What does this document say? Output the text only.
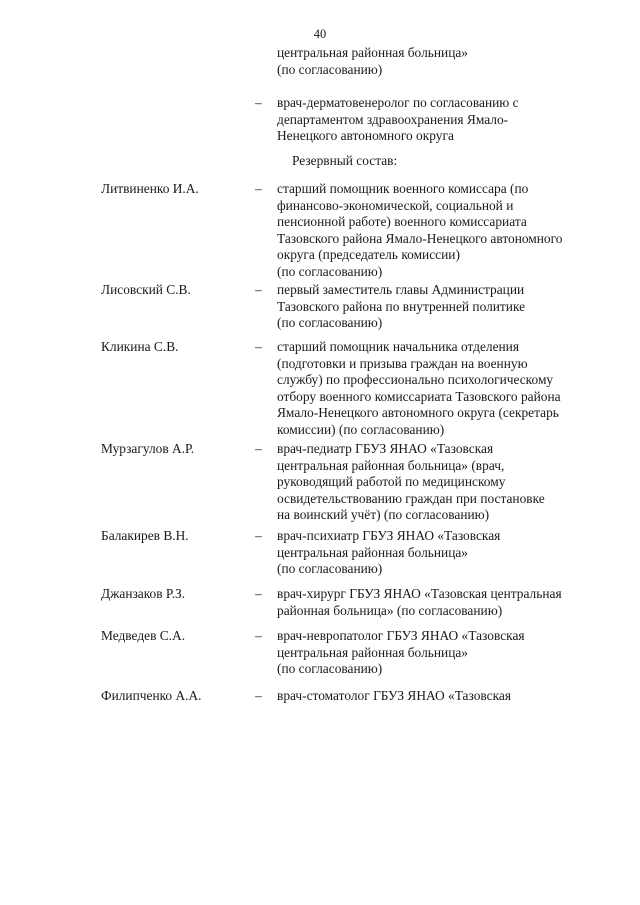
40
центральная районная больница»
(по согласованию)
– врач-дерматовенеролог по согласованию с
департаментом здравоохранения Ямало-
Ненецкого автономного округа
Резервный состав:
Литвиненко И.А.	– старший помощник военного комиссара (по
финансово-экономической, социальной и
пенсионной работе) военного комиссариата
Тазовского района Ямало-Ненецкого автономного
округа (председатель комиссии)
(по согласованию)
Лисовский С.В.	– первый заместитель главы Администрации
Тазовского района по внутренней политике
(по согласованию)
Кликина С.В.	– старший помощник начальника отделения
(подготовки и призыва граждан на военную
службу) по профессионально психологическому
отбору военного комиссариата Тазовского района
Ямало-Ненецкого автономного округа (секретарь
комиссии) (по согласованию)
Мурзагулов А.Р.	– врач-педиатр ГБУЗ ЯНАО «Тазовская
центральная районная больница» (врач,
руководящий работой по медицинскому
освидетельствованию граждан при постановке
на воинский учёт) (по согласованию)
Балакирев В.Н.	– врач-психиатр ГБУЗ ЯНАО «Тазовская
центральная районная больница»
(по согласованию)
Джанзаков Р.З.	– врач-хирург ГБУЗ ЯНАО «Тазовская центральная
районная больница» (по согласованию)
Медведев С.А.	– врач-невропатолог ГБУЗ ЯНАО «Тазовская
центральная районная больница»
(по согласованию)
Филипченко А.А.	– врач-стоматолог ГБУЗ ЯНАО «Тазовская
